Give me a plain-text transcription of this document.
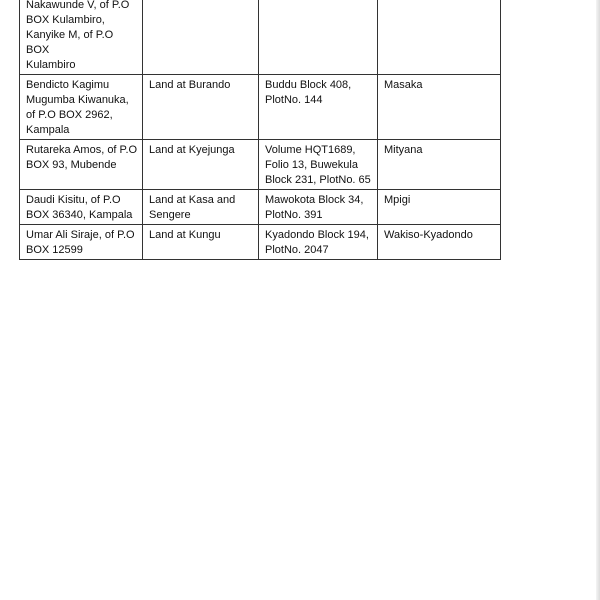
Nakawunde V, of P.O
BOX Kulambiro,
Kanyike M, of P.O BOX
Kulambiro			
Bendicto Kagimu
Mugumba Kiwanuka,
of P.O BOX 2962,
Kampala	Land at Burando	Buddu Block 408,
PlotNo. 144	Masaka
Rutareka Amos, of P.O
BOX 93, Mubende	Land at Kyejunga	Volume HQT1689,
Folio 13, Buwekula
Block 231, PlotNo. 65	Mityana
Daudi Kisitu, of P.O
BOX 36340, Kampala	Land at Kasa and
Sengere	Mawokota Block 34,
PlotNo. 391	Mpigi
Umar Ali Siraje, of P.O
BOX 12599	Land at Kungu	Kyadondo Block 194,
PlotNo. 2047	Wakiso-Kyadondo
